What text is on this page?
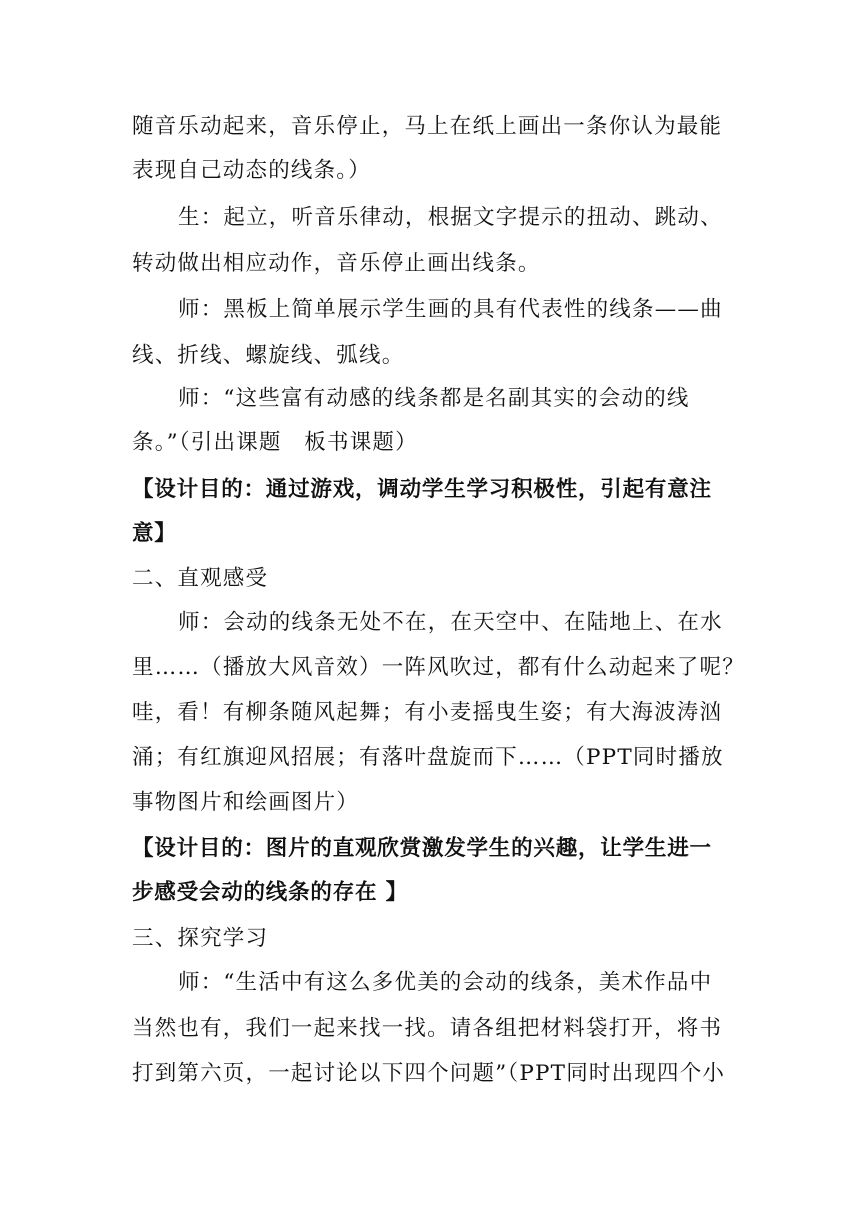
随音乐动起来，音乐停止，马上在纸上画出一条你认为最能
表现自己动态的线条。）
生：起立，听音乐律动，根据文字提示的扭动、跳动、
转动做出相应动作，音乐停止画出线条。
师：黑板上简单展示学生画的具有代表性的线条——曲
线、折线、螺旋线、弧线。
师：“这些富有动感的线条都是名副其实的会动的线
条。”（引出课题　板书课题）
【设计目的：通过游戏，调动学生学习积极性，引起有意注
意】
二、直观感受
师：会动的线条无处不在，在天空中、在陆地上、在水
里……（播放大风音效）一阵风吹过，都有什么动起来了呢？
哇，看！有柳条随风起舞；有小麦摇曳生姿；有大海波涛汹
涌；有红旗迎风招展；有落叶盘旋而下……（PPT同时播放
事物图片和绘画图片）
【设计目的：图片的直观欣赏激发学生的兴趣，让学生进一
步感受会动的线条的存在 】
三、探究学习
师：“生活中有这么多优美的会动的线条，美术作品中
当然也有，我们一起来找一找。请各组把材料袋打开，将书
打到第六页，一起讨论以下四个问题”（PPT同时出现四个小
